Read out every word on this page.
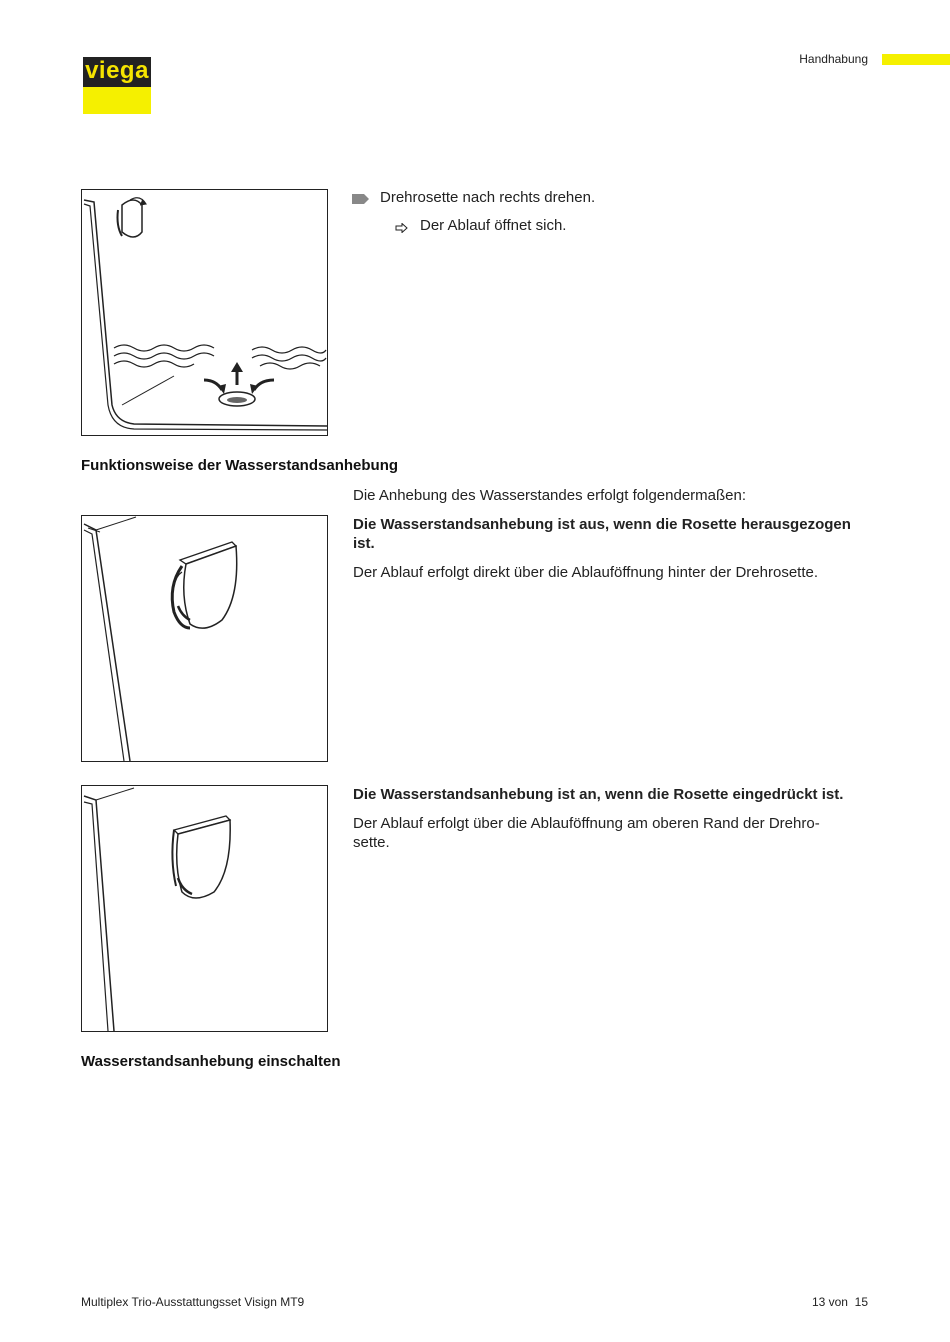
viega	Handhabung
Drehrosette nach rechts drehen.
Der Ablauf öffnet sich.
Funktionsweise der Wasserstandsanhebung
Die Anhebung des Wasserstandes erfolgt folgendermaßen:
Die Wasserstandsanhebung ist aus, wenn die Rosette herausgezogen
ist.
Der Ablauf erfolgt direkt über die Ablauföffnung hinter der Drehrosette.
Die Wasserstandsanhebung ist an, wenn die Rosette eingedrückt ist.
Der Ablauf erfolgt über die Ablauföffnung am oberen Rand der Drehro-
sette.
Wasserstandsanhebung einschalten
Multiplex Trio-Ausstattungsset Visign MT9	13 von  15
